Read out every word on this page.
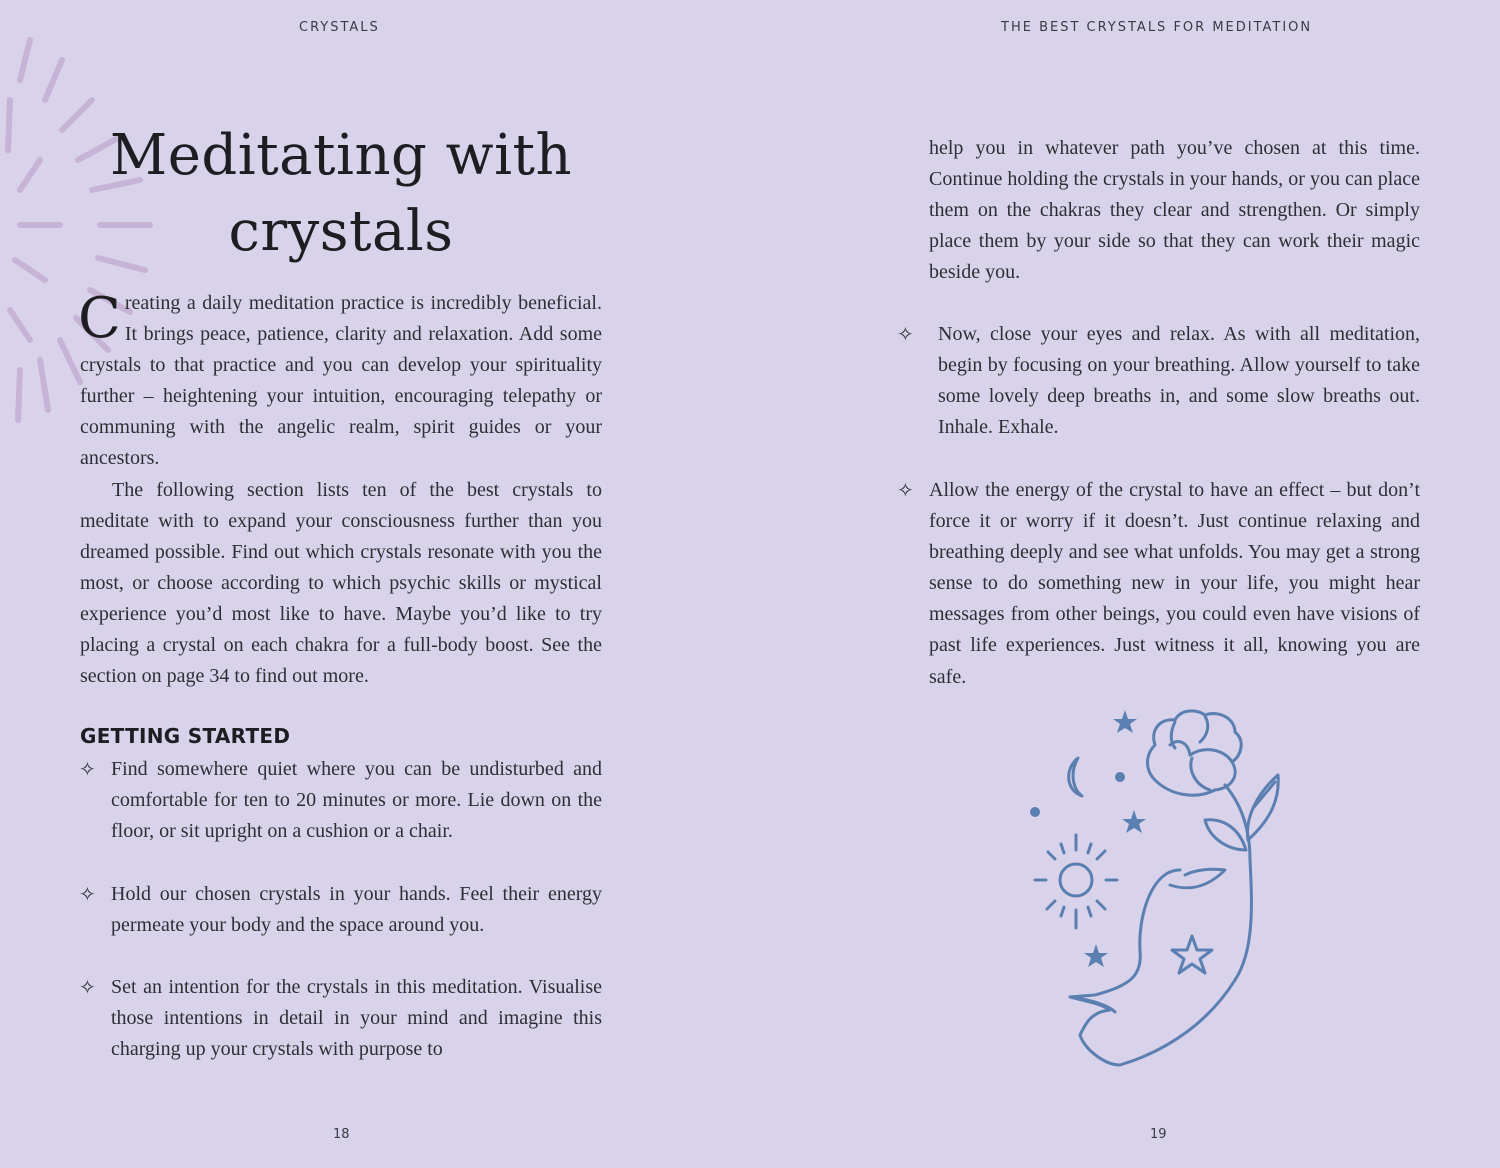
CRYSTALS
Meditating with
crystals

Creating a daily meditation practice is incredibly beneficial. It brings peace, patience, clarity and relaxation. Add some crystals to that practice and you can develop your spirituality further – heightening your intuition, encouraging telepathy or communing with the angelic realm, spirit guides or your ancestors.

The following section lists ten of the best crystals to meditate with to expand your consciousness further than you dreamed possible. Find out which crystals resonate with you the most, or choose according to which psychic skills or mystical experience you’d most like to have. Maybe you’d like to try placing a crystal on each chakra for a full-body boost. See the section on page 34 to find out more.

GETTING STARTED
✧ Find somewhere quiet where you can be undisturbed and comfortable for ten to 20 minutes or more. Lie down on the floor, or sit upright on a cushion or a chair.
✧ Hold our chosen crystals in your hands. Feel their energy permeate your body and the space around you.
✧ Set an intention for the crystals in this meditation. Visualise those intentions in detail in your mind and imagine this charging up your crystals with purpose to
18
THE BEST CRYSTALS FOR MEDITATION

help you in whatever path you’ve chosen at this time. Continue holding the crystals in your hands, or you can place them on the chakras they clear and strengthen. Or simply place them by your side so that they can work their magic beside you.

✧ Now, close your eyes and relax. As with all meditation, begin by focusing on your breathing. Allow yourself to take some lovely deep breaths in, and some slow breaths out. Inhale. Exhale.
✧ Allow the energy of the crystal to have an effect – but don’t force it or worry if it doesn’t. Just continue relaxing and breathing deeply and see what unfolds. You may get a strong sense to do something new in your life, you might hear messages from other beings, you could even have visions of past life experiences. Just witness it all, knowing you are safe.
19
